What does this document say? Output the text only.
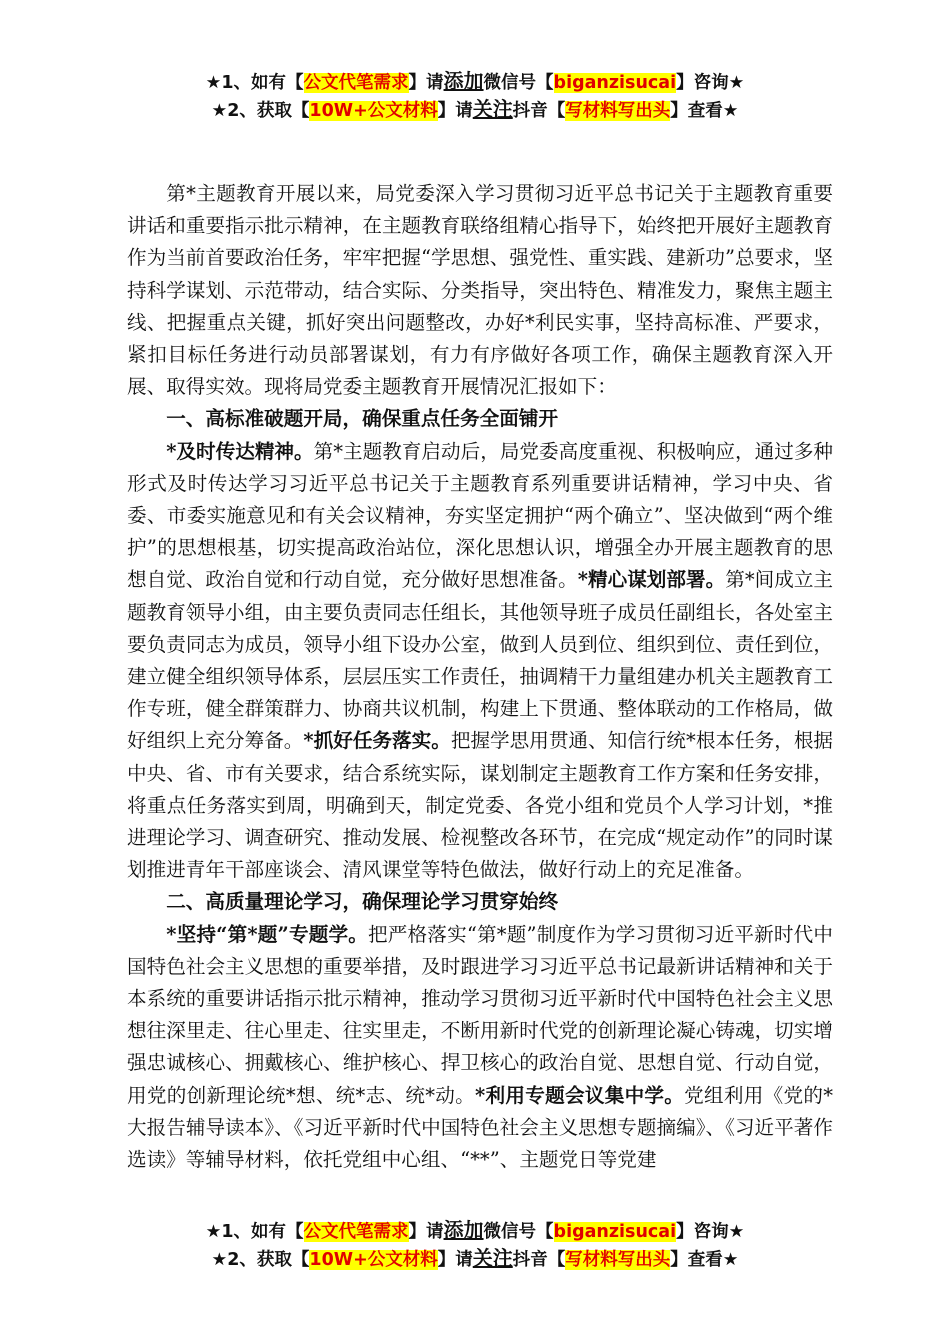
★1、如有【公文代笔需求】请添加微信号【biganzisucai】咨询★
★2、获取【10W+公文材料】请关注抖音【写材料写出头】查看★

第*主题教育开展以来，局党委深入学习贯彻习近平总书记关于主题教育重要讲话和重要指示批示精神，在主题教育联络组精心指导下，始终把开展好主题教育作为当前首要政治任务，牢牢把握“学思想、强党性、重实践、建新功”总要求，坚持科学谋划、示范带动，结合实际、分类指导，突出特色、精准发力，聚焦主题主线、把握重点关键，抓好突出问题整改，办好*利民实事，坚持高标准、严要求，紧扣目标任务进行动员部署谋划，有力有序做好各项工作，确保主题教育深入开展、取得实效。现将局党委主题教育开展情况汇报如下：

一、高标准破题开局，确保重点任务全面铺开

*及时传达精神。第*主题教育启动后，局党委高度重视、积极响应，通过多种形式及时传达学习习近平总书记关于主题教育系列重要讲话精神，学习中央、省委、市委实施意见和有关会议精神，夯实坚定拥护“两个确立”、坚决做到“两个维护”的思想根基，切实提高政治站位，深化思想认识，增强全办开展主题教育的思想自觉、政治自觉和行动自觉，充分做好思想准备。*精心谋划部署。第*间成立主题教育领导小组，由主要负责同志任组长，其他领导班子成员任副组长，各处室主要负责同志为成员，领导小组下设办公室，做到人员到位、组织到位、责任到位，建立健全组织领导体系，层层压实工作责任，抽调精干力量组建办机关主题教育工作专班，健全群策群力、协商共议机制，构建上下贯通、整体联动的工作格局，做好组织上充分筹备。*抓好任务落实。把握学思用贯通、知信行统*根本任务，根据中央、省、市有关要求，结合系统实际，谋划制定主题教育工作方案和任务安排，将重点任务落实到周，明确到天，制定党委、各党小组和党员个人学习计划，*推进理论学习、调查研究、推动发展、检视整改各环节，在完成“规定动作”的同时谋划推进青年干部座谈会、清风课堂等特色做法，做好行动上的充足准备。

二、高质量理论学习，确保理论学习贯穿始终

*坚持“第*题”专题学。把严格落实“第*题”制度作为学习贯彻习近平新时代中国特色社会主义思想的重要举措，及时跟进学习习近平总书记最新讲话精神和关于本系统的重要讲话指示批示精神，推动学习贯彻习近平新时代中国特色社会主义思想往深里走、往心里走、往实里走，不断用新时代党的创新理论凝心铸魂，切实增强忠诚核心、拥戴核心、维护核心、捍卫核心的政治自觉、思想自觉、行动自觉，用党的创新理论统*想、统*志、统*动。*利用专题会议集中学。党组利用《党的*大报告辅导读本》、《习近平新时代中国特色社会主义思想专题摘编》、《习近平著作选读》等辅导材料，依托党组中心组、“**”、主题党日等党建

★1、如有【公文代笔需求】请添加微信号【biganzisucai】咨询★
★2、获取【10W+公文材料】请关注抖音【写材料写出头】查看★
